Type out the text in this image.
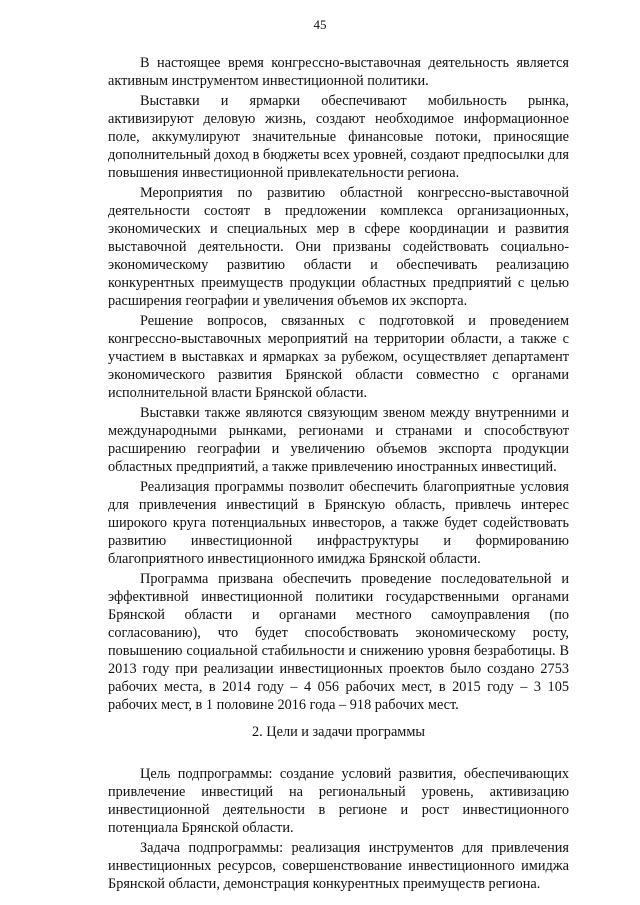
45

В настоящее время конгрессно-выставочная деятельность является активным инструментом инвестиционной политики.

Выставки и ярмарки обеспечивают мобильность рынка, активизируют деловую жизнь, создают необходимое информационное поле, аккумулируют значительные финансовые потоки, приносящие дополнительный доход в бюджеты всех уровней, создают предпосылки для повышения инвестиционной привлекательности региона.

Мероприятия по развитию областной конгрессно-выставочной деятельности состоят в предложении комплекса организационных, экономических и специальных мер в сфере координации и развития выставочной деятельности. Они призваны содействовать социально-экономическому развитию области и обеспечивать реализацию конкурентных преимуществ продукции областных предприятий с целью расширения географии и увеличения объемов их экспорта.

Решение вопросов, связанных с подготовкой и проведением конгрессно-выставочных мероприятий на территории области, а также с участием в выставках и ярмарках за рубежом, осуществляет департамент экономического развития Брянской области совместно с органами исполнительной власти Брянской области.

Выставки также являются связующим звеном между внутренними и международными рынками, регионами и странами и способствуют расширению географии и увеличению объемов экспорта продукции областных предприятий, а также привлечению иностранных инвестиций.

Реализация программы позволит обеспечить благоприятные условия для привлечения инвестиций в Брянскую область, привлечь интерес широкого круга потенциальных инвесторов, а также будет содействовать развитию инвестиционной инфраструктуры и формированию благоприятного инвестиционного имиджа Брянской области.

Программа призвана обеспечить проведение последовательной и эффективной инвестиционной политики государственными органами Брянской области и органами местного самоуправления (по согласованию), что будет способствовать экономическому росту, повышению социальной стабильности и снижению уровня безработицы. В 2013 году при реализации инвестиционных проектов было создано 2753 рабочих места, в 2014 году – 4 056 рабочих мест, в 2015 году – 3 105 рабочих мест, в 1 половине 2016 года – 918 рабочих мест.

2. Цели и задачи программы

Цель подпрограммы: создание условий развития, обеспечивающих привлечение инвестиций на региональный уровень, активизацию инвестиционной деятельности в регионе и рост инвестиционного потенциала Брянской области.

Задача подпрограммы: реализация инструментов для привлечения инвестиционных ресурсов, совершенствование инвестиционного имиджа Брянской области, демонстрация конкурентных преимуществ региона.
